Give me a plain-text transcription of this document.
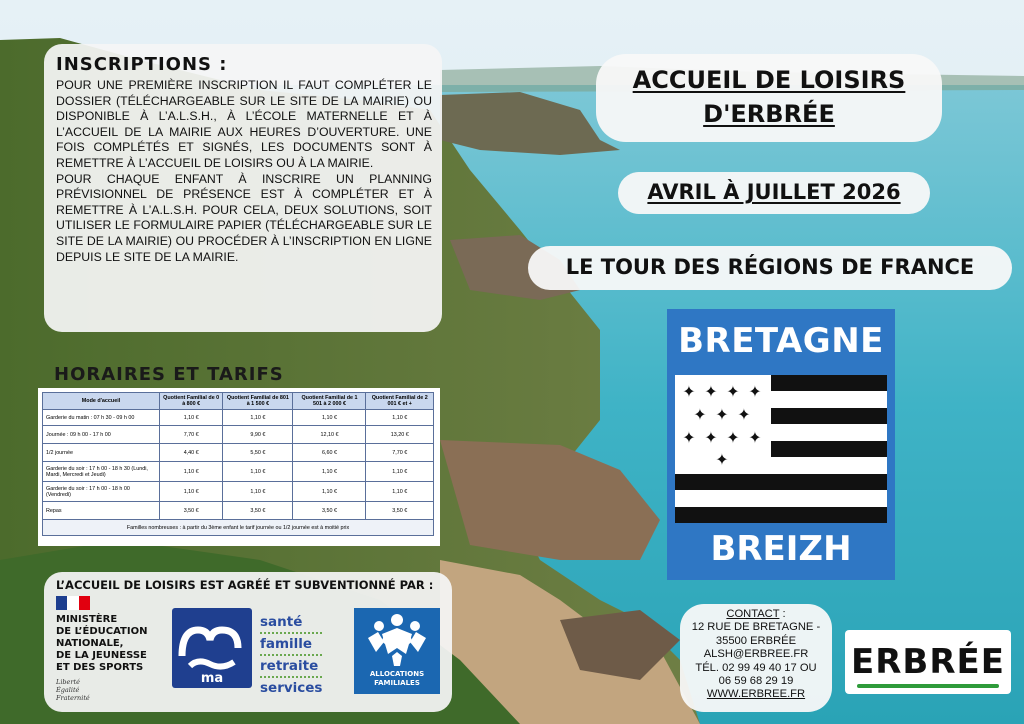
INSCRIPTIONS :

POUR UNE PREMIÈRE INSCRIPTION IL FAUT COMPLÉTER LE DOSSIER (TÉLÉCHARGEABLE SUR LE SITE DE LA MAIRIE) OU DISPONIBLE À L’A.L.S.H., À L’ÉCOLE MATERNELLE ET À L’ACCUEIL DE LA MAIRIE AUX HEURES D’OUVERTURE. UNE FOIS COMPLÉTÉS ET SIGNÉS, LES DOCUMENTS SONT À REMETTRE À L’ACCUEIL DE LOISIRS OU À LA MAIRIE.

POUR CHAQUE ENFANT À INSCRIRE UN PLANNING PRÉVISIONNEL DE PRÉSENCE EST À COMPLÉTER ET À REMETTRE À L’A.L.S.H. POUR CELA, DEUX SOLUTIONS, SOIT UTILISER LE FORMULAIRE PAPIER (TÉLÉCHARGEABLE SUR LE SITE DE LA MAIRIE) OU PROCÉDER À L’INSCRIPTION EN LIGNE DEPUIS LE SITE DE LA MAIRIE.

HORAIRES ET TARIFS
Mode d'accueil	Quotient Familial de 0 à 800 €	Quotient Familial de 801 à 1 500 €	Quotient Familial de 1 501 à 2 000 €	Quotient Familial de 2 001 € et +
Garderie du matin : 07 h 30 - 09 h 00	1,10 €	1,10 €	1,10 €	1,10 €
Journée : 09 h 00 - 17 h 00	7,70 €	9,90 €	12,10 €	13,20 €
1/2 journée	4,40 €	5,50 €	6,60 €	7,70 €
Garderie du soir : 17 h 00 - 18 h 30 (Lundi, Mardi, Mercredi et Jeudi)	1,10 €	1,10 €	1,10 €	1,10 €
Garderie du soir : 17 h 00 - 18 h 00 (Vendredi)	1,10 €	1,10 €	1,10 €	1,10 €
Repas	3,50 €	3,50 €	3,50 €	3,50 €
Familles nombreuses : à partir du 3ème enfant le tarif journée ou 1/2 journée est à moitié prix				
L’ACCUEIL DE LOISIRS EST AGRÉÉ ET SUBVENTIONNÉ PAR :
MINISTÈRE
DE L’ÉDUCATION
NATIONALE,
DE LA JEUNESSE
ET DES SPORTS
Liberté
Égalité
Fraternité
ma
santé
famille
retraite
services
ALLOCATIONS FAMILIALES
ACCUEIL DE LOISIRS
D'ERBRÉE
AVRIL À JUILLET 2026
LE TOUR DES RÉGIONS DE FRANCE
BRETAGNE
✦ ✦ ✦ ✦
✦ ✦ ✦
✦ ✦ ✦ ✦
✦
BREIZH
CONTACT :
12 RUE DE BRETAGNE -
35500 ERBRÉE
ALSH@ERBREE.FR
TÉL. 02 99 49 40 17 OU
06 59 68 29 19
WWW.ERBREE.FR
ERBRÉE
